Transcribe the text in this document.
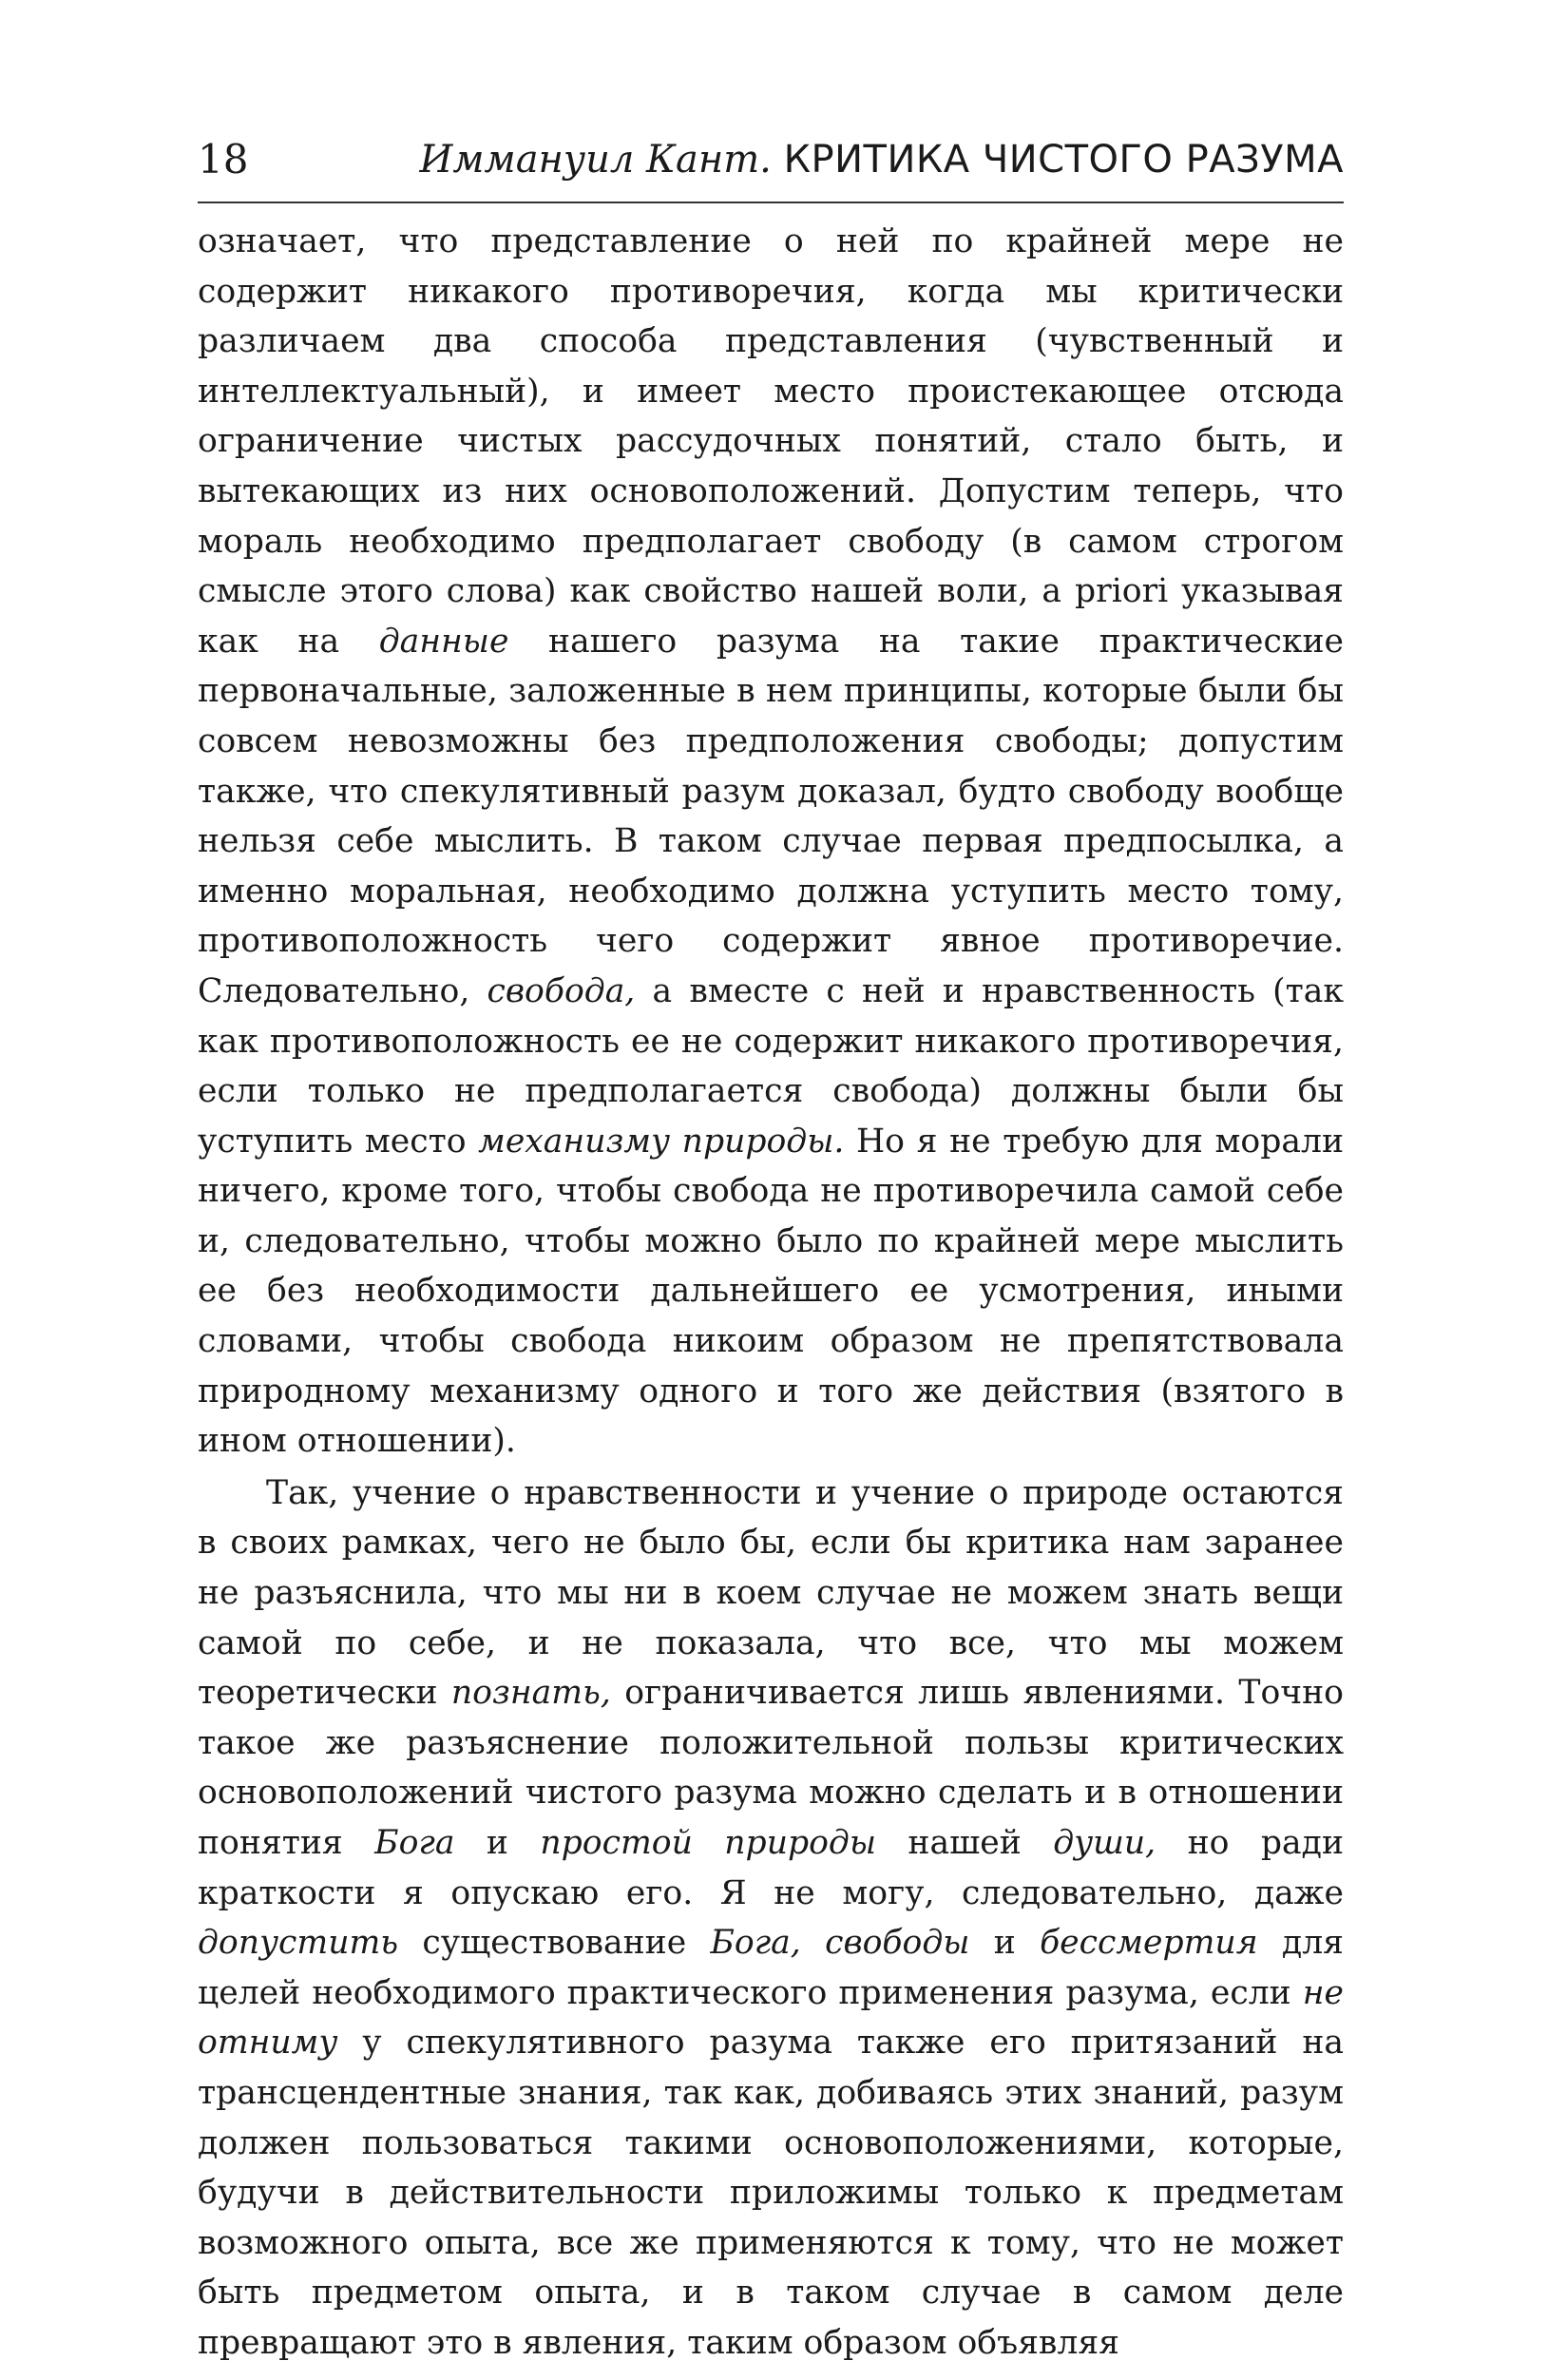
18	Иммануил Кант. КРИТИКА ЧИСТОГО РАЗУМА

означает, что представление о ней по крайней мере не содержит никакого противоречия, когда мы критически различаем два способа представления (чувственный и интеллектуальный), и имеет место проистекающее отсюда ограничение чистых рассудочных понятий, стало быть, и вытекающих из них основоположений. Допустим теперь, что мораль необходимо предполагает свободу (в самом строгом смысле этого слова) как свойство нашей воли, a priori указывая как на данные нашего разума на такие практические первоначальные, заложенные в нем принципы, которые были бы совсем невозможны без предположения свободы; допустим также, что спекулятивный разум доказал, будто свободу вообще нельзя себе мыслить. В таком случае первая предпосылка, а именно моральная, необходимо должна уступить место тому, противоположность чего содержит явное противоречие. Следовательно, свобода, а вместе с ней и нравственность (так как противоположность ее не содержит никакого противоречия, если только не предполагается свобода) должны были бы уступить место механизму природы. Но я не требую для морали ничего, кроме того, чтобы свобода не противоречила самой себе и, следовательно, чтобы можно было по крайней мере мыслить ее без необходимости дальнейшего ее усмотрения, иными словами, чтобы свобода никоим образом не препятствовала природному механизму одного и того же действия (взятого в ином отношении).

Так, учение о нравственности и учение о природе остаются в своих рамках, чего не было бы, если бы критика нам заранее не разъяснила, что мы ни в коем случае не можем знать вещи самой по себе, и не показала, что все, что мы можем теоретически познать, ограничивается лишь явлениями. Точно такое же разъяснение положительной пользы критических основоположений чистого разума можно сделать и в отношении понятия Бога и простой природы нашей души, но ради краткости я опускаю его. Я не могу, следовательно, даже допустить существование Бога, свободы и бессмертия для целей необходимого практического применения разума, если не отниму у спекулятивного разума также его притязаний на трансцендентные знания, так как, добиваясь этих знаний, разум должен пользоваться такими основоположениями, которые, будучи в действительности приложимы только к предметам возможного опыта, все же применяются к тому, что не может быть предметом опыта, и в таком случае в самом деле превращают это в явления, таким образом объявляя
